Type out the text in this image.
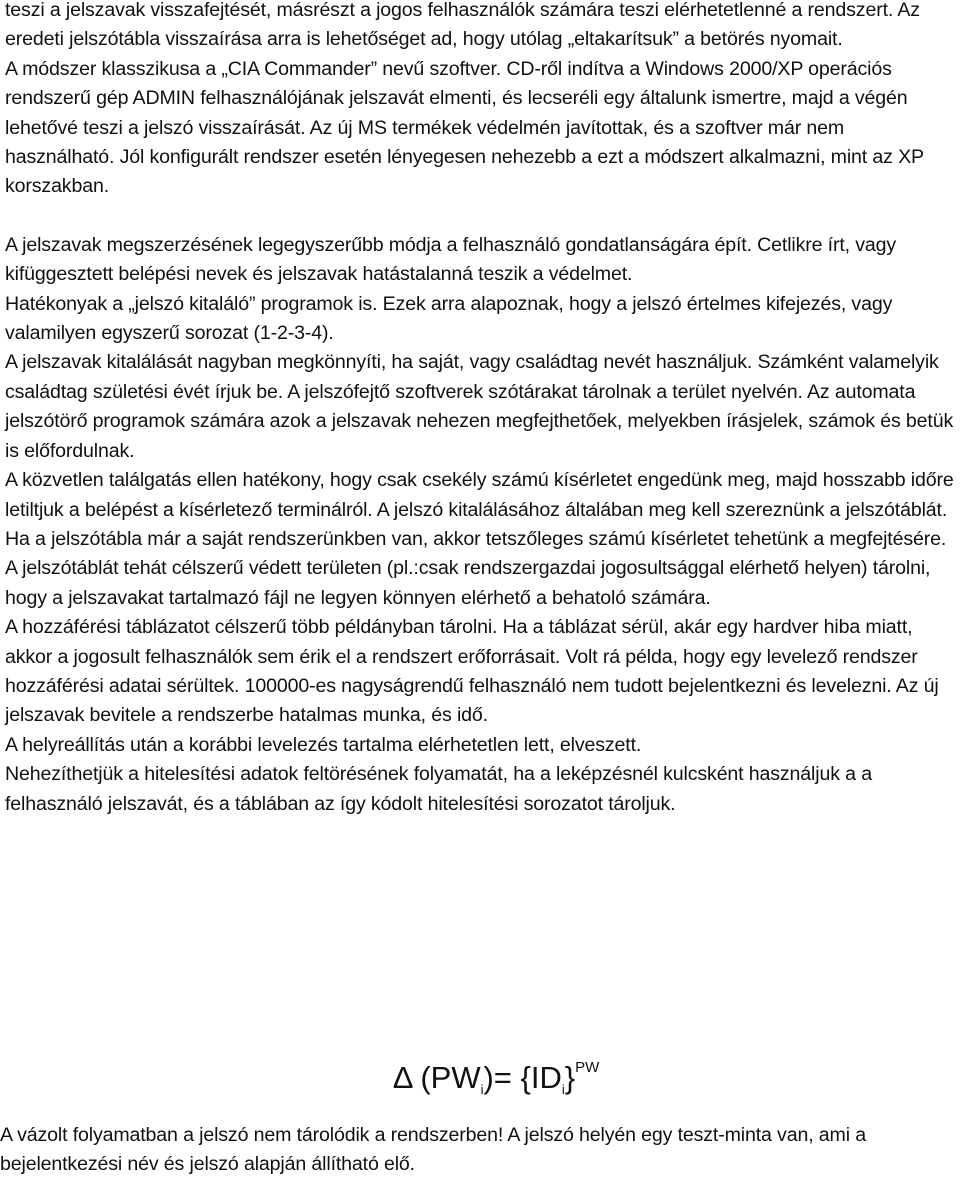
teszi a jelszavak visszafejtését, másrészt a jogos felhasználók számára teszi elérhetetlenné a rendszert. Az eredeti jelszótábla visszaírása arra is lehetőséget ad, hogy utólag „eltakarítsuk” a betörés nyomait.

A módszer klasszikusa a „CIA Commander” nevű szoftver. CD-ről indítva a Windows 2000/XP operációs rendszerű gép ADMIN felhasználójának jelszavát elmenti, és lecseréli egy általunk ismertre, majd a végén lehetővé teszi a jelszó visszaírását. Az új MS termékek védelmén javítottak, és a szoftver már nem használható. Jól konfigurált rendszer esetén lényegesen nehezebb a ezt a módszert alkalmazni, mint az XP korszakban.

A jelszavak megszerzésének legegyszerűbb módja a felhasználó gondatlanságára épít. Cetlikre írt, vagy kifüggesztett belépési nevek és jelszavak hatástalanná teszik a védelmet.

Hatékonyak a „jelszó kitaláló” programok is. Ezek arra alapoznak, hogy a jelszó értelmes kifejezés, vagy valamilyen egyszerű sorozat (1-2-3-4).

A jelszavak kitalálását nagyban megkönnyíti, ha saját, vagy családtag nevét használjuk. Számként valamelyik családtag születési évét írjuk be. A jelszófejtő szoftverek szótárakat tárolnak a terület nyelvén. Az automata jelszótörő programok számára azok a jelszavak nehezen megfejthetőek, melyekben írásjelek, számok és betük is előfordulnak.

A közvetlen találgatás ellen hatékony, hogy csak csekély számú kísérletet engedünk meg, majd hosszabb időre letiltjuk a belépést a kísérletező terminálról. A jelszó kitalálásához általában meg kell szereznünk a jelszótáblát. Ha a jelszótábla már a saját rendszerünkben van, akkor tetszőleges számú kísérletet tehetünk a megfejtésére.

A jelszótáblát tehát célszerű védett területen (pl.:csak rendszergazdai jogosultsággal elérhető helyen) tárolni, hogy a jelszavakat tartalmazó fájl ne legyen könnyen elérhető a behatoló számára.

A hozzáférési táblázatot célszerű több példányban tárolni. Ha a táblázat sérül, akár egy hardver hiba miatt, akkor a jogosult felhasználók sem érik el a rendszert erőforrásait. Volt rá példa, hogy egy levelező rendszer hozzáférési adatai sérültek. 100000-es nagyságrendű felhasználó nem tudott bejelentkezni és levelezni. Az új jelszavak bevitele a rendszerbe hatalmas munka, és idő.

A helyreállítás után a korábbi levelezés tartalma elérhetetlen lett, elveszett.

Nehezíthetjük a hitelesítési adatok feltörésének folyamatát, ha a leképzésnél kulcsként használjuk a a felhasználó jelszavát, és a táblában az így kódolt hitelesítési sorozatot tároljuk.

Δ $(PW_i)= \{ID_i\}^{PW}$

A vázolt folyamatban a jelszó nem tárolódik a rendszerben! A jelszó helyén egy teszt-minta van, ami a bejelentkezési név és jelszó alapján állítható elő.
